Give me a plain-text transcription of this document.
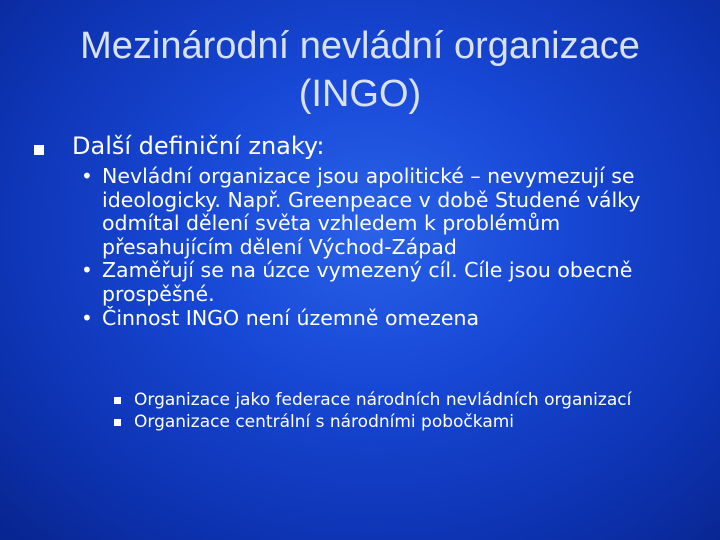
Mezinárodní nevládní organizace
(INGO)
Další definiční znaky:
• Nevládní organizace jsou apolitické – nevymezují se ideologicky. Např. Greenpeace v době Studené války odmítal dělení světa vzhledem k problémům přesahujícím dělení Východ-Západ
• Zaměřují se na úzce vymezený cíl. Cíle jsou obecně prospěšné.
• Činnost INGO není územně omezena
Organizace jako federace národních nevládních organizací
Organizace centrální s národními pobočkami
